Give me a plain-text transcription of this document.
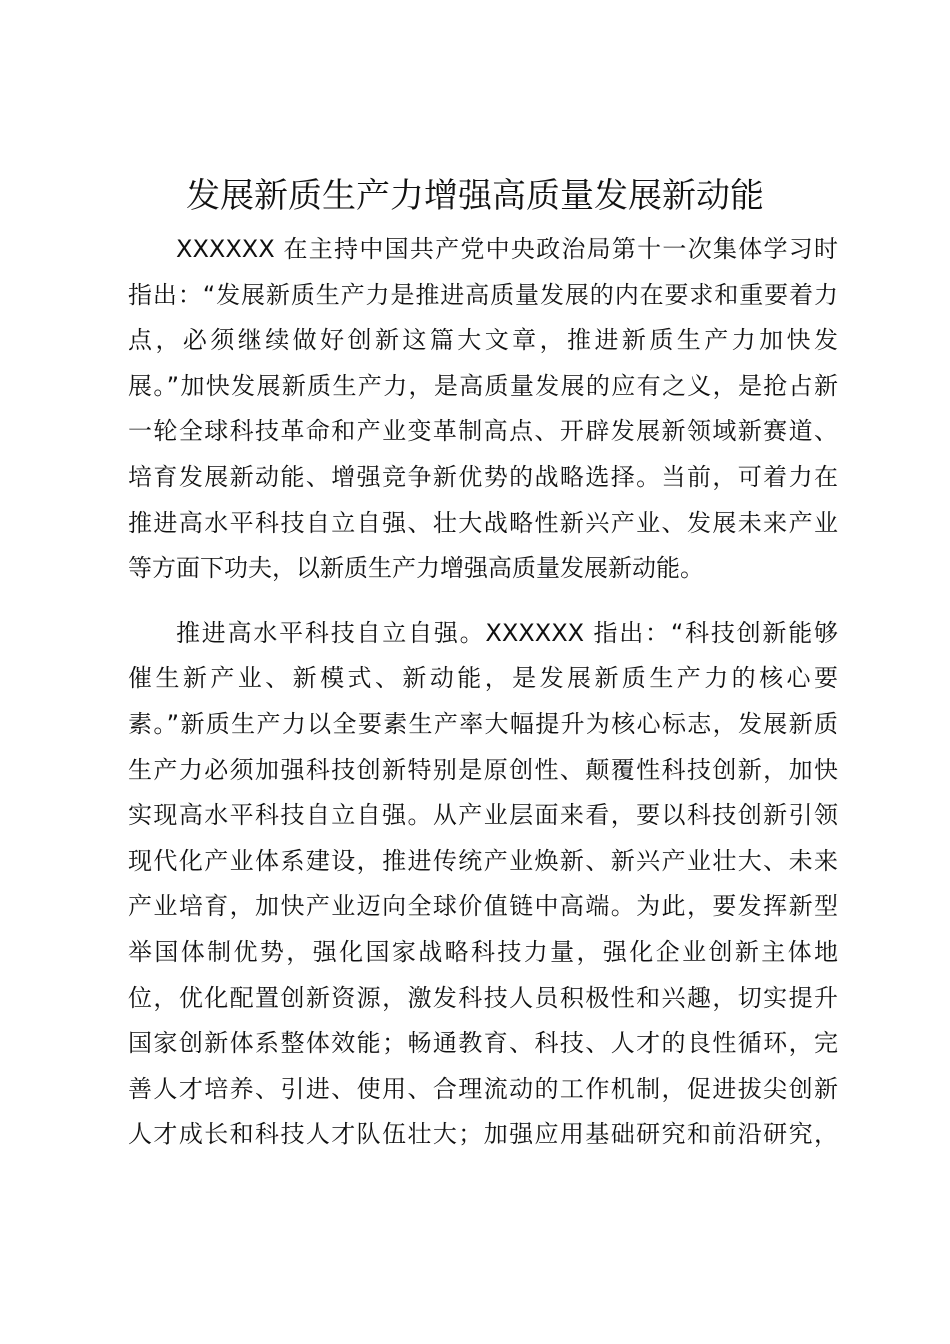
发展新质生产力增强高质量发展新动能

XXXXXX 在主持中国共产党中央政治局第十一次集体学习时
指出：“发展新质生产力是推进高质量发展的内在要求和重要着力
点，必须继续做好创新这篇大文章，推进新质生产力加快发
展。”加快发展新质生产力，是高质量发展的应有之义，是抢占新
一轮全球科技革命和产业变革制高点、开辟发展新领域新赛道、
培育发展新动能、增强竞争新优势的战略选择。当前，可着力在
推进高水平科技自立自强、壮大战略性新兴产业、发展未来产业
等方面下功夫，以新质生产力增强高质量发展新动能。

推进高水平科技自立自强。XXXXXX 指出：“科技创新能够
催生新产业、新模式、新动能，是发展新质生产力的核心要
素。”新质生产力以全要素生产率大幅提升为核心标志，发展新质
生产力必须加强科技创新特别是原创性、颠覆性科技创新，加快
实现高水平科技自立自强。从产业层面来看，要以科技创新引领
现代化产业体系建设，推进传统产业焕新、新兴产业壮大、未来
产业培育，加快产业迈向全球价值链中高端。为此，要发挥新型
举国体制优势，强化国家战略科技力量，强化企业创新主体地
位，优化配置创新资源，激发科技人员积极性和兴趣，切实提升
国家创新体系整体效能；畅通教育、科技、人才的良性循环，完
善人才培养、引进、使用、合理流动的工作机制，促进拔尖创新
人才成长和科技人才队伍壮大；加强应用基础研究和前沿研究，
